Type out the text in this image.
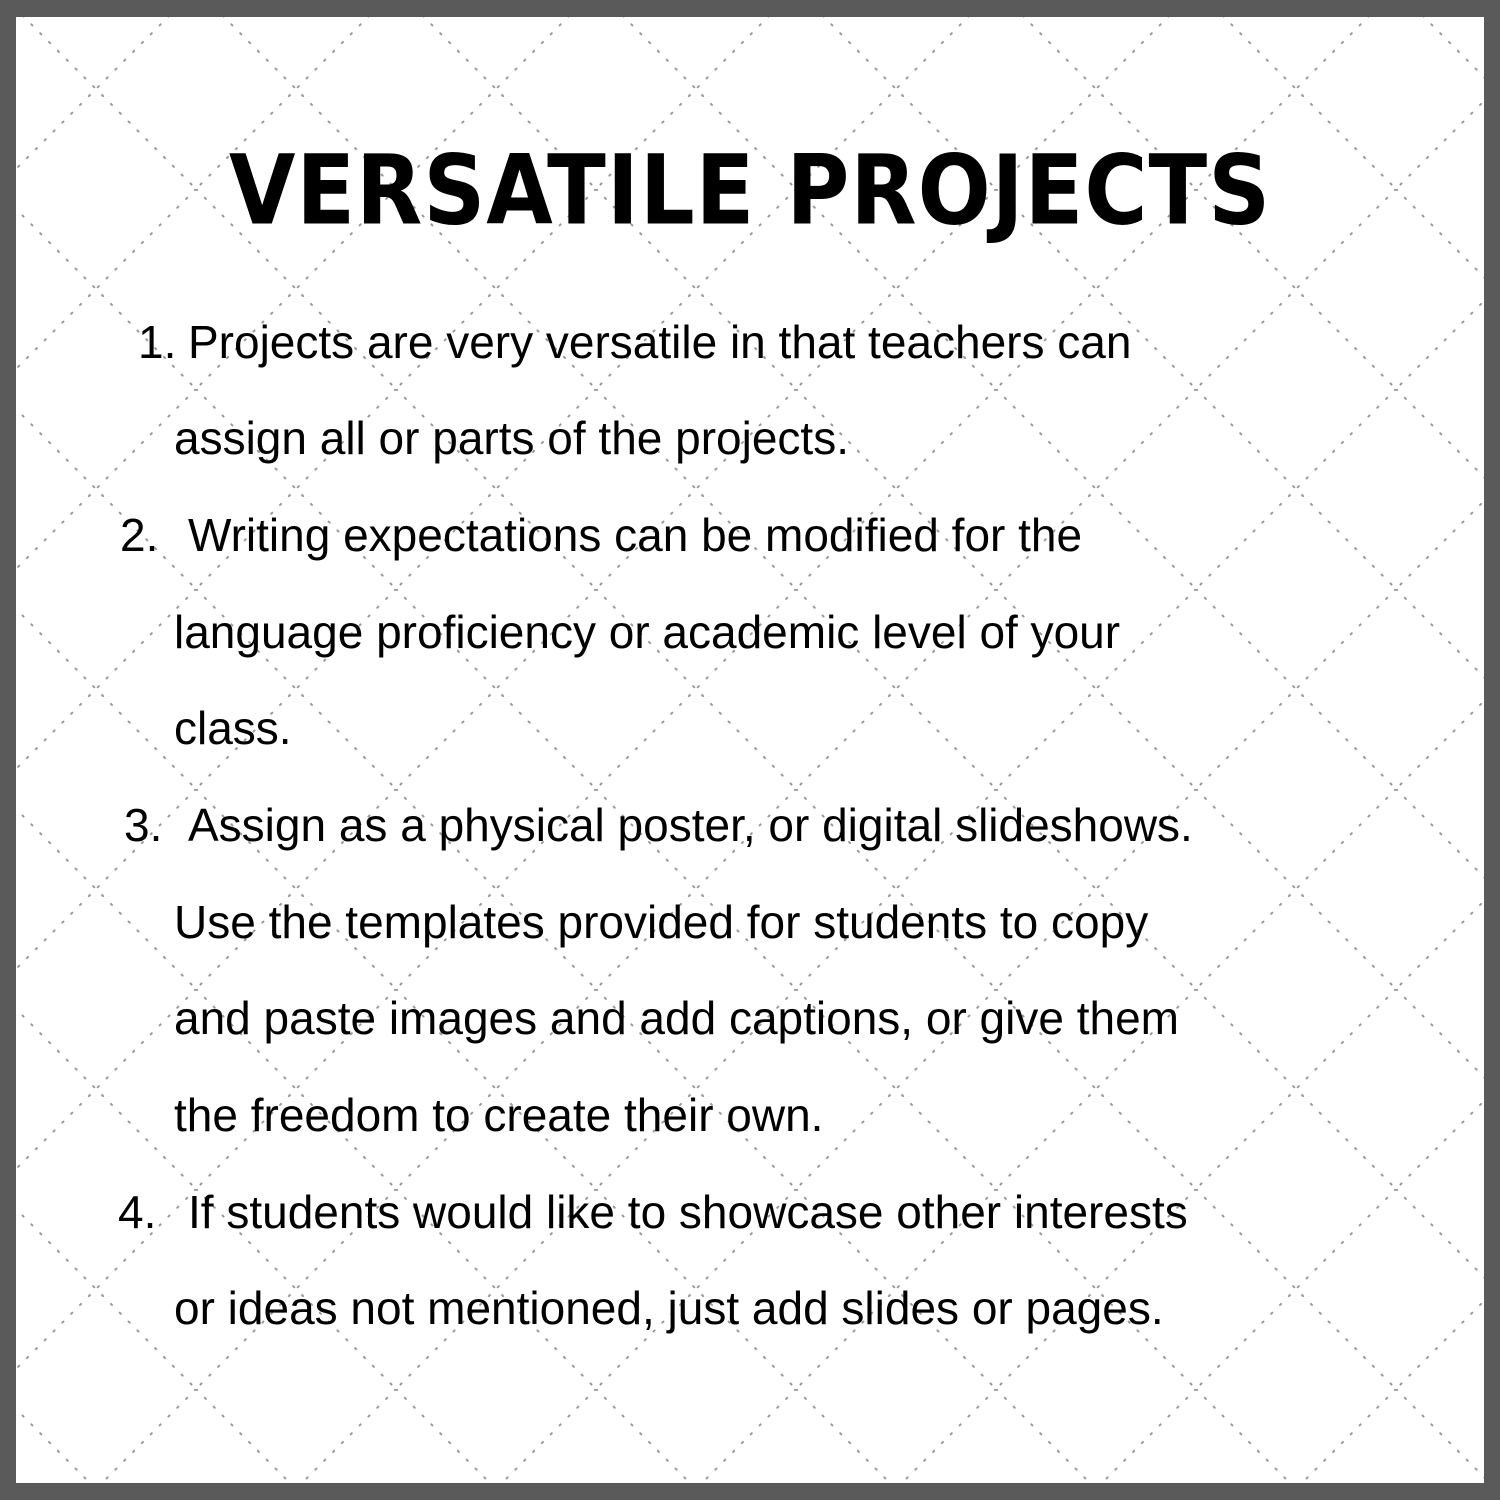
VERSATILE PROJECTS
1. Projects are very versatile in that teachers can
assign all or parts of the projects.
2. Writing expectations can be modified for the
language proficiency or academic level of your
class.
3. Assign as a physical poster, or digital slideshows.
Use the templates provided for students to copy
and paste images and add captions, or give them
the freedom to create their own.
4. If students would like to showcase other interests
or ideas not mentioned, just add slides or pages.
